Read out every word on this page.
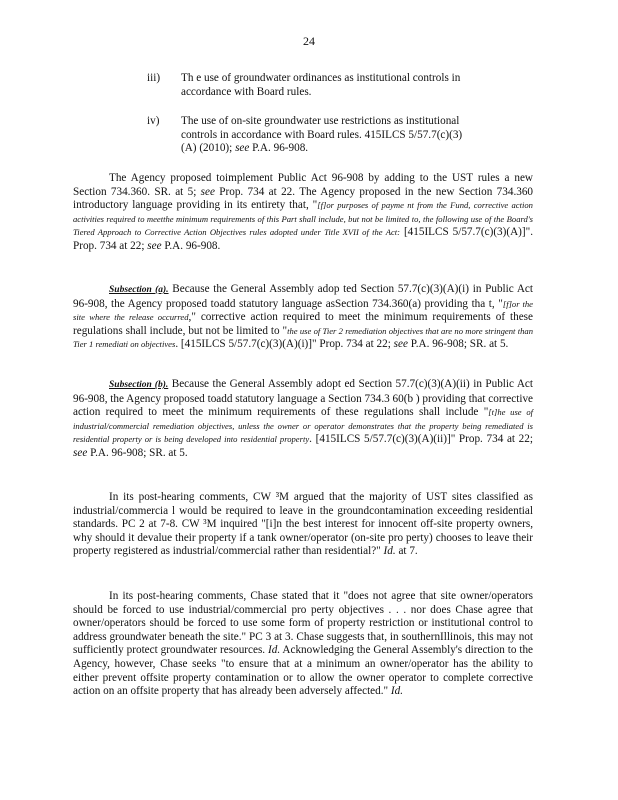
24
iii) Th e use of groundwater ordinances as institutional controls in accordance with Board rules.
iv) The use of on-site groundwater use restrictions as institutional controls in accordance with Board rules. 415ILCS 5/57.7(c)(3)(A) (2010); see P.A. 96-908.
The Agency proposed toimplement Public Act 96-908 by adding to the UST rules a new Section 734.360. SR. at 5; see Prop. 734 at 22. The Agency proposed in the new Section 734.360 introductory language providing in its entirety that, "[f]or purposes of payme nt from the Fund, corrective action activities required to meetthe minimum requirements of this Part shall include, but not be limited to, the following use of the Board's Tiered Approach to Corrective Action Objectives rules adopted under Title XVII of the Act: [415ILCS 5/57.7(c)(3)(A)]". Prop. 734 at 22; see P.A. 96-908.
Subsection (a). Because the General Assembly adop ted Section 57.7(c)(3)(A)(i) in Public Act 96-908, the Agency proposed toadd statutory language asSection 734.360(a) providing tha t, "[f]or the site where the release occurred," corrective action required to meet the minimum requirements of these regulations shall include, but not be limited to "the use of Tier 2 remediation objectives that are no more stringent than Tier 1 remediati on objectives. [415ILCS 5/57.7(c)(3)(A)(i)]" Prop. 734 at 22; see P.A. 96-908; SR. at 5.
Subsection (b). Because the General Assembly adopt ed Section 57.7(c)(3)(A)(ii) in Public Act 96-908, the Agency proposed toadd statutory language a Section 734.3 60(b ) providing that corrective action required to meet the minimum requirements of these regulations shall include "[t]he use of industrial/commercial remediation objectives, unless the owner or operator demonstrates that the property being remediated is residential property or is being developed into residential property. [415ILCS 5/57.7(c)(3)(A)(ii)]" Prop. 734 at 22; see P.A. 96-908; SR. at 5.
In its post-hearing comments, CW ³M argued that the majority of UST sites classified as industrial/commercia l would be required to leave in the groundcontamination exceeding residential standards. PC 2 at 7-8. CW ³M inquired "[i]n the best interest for innocent off-site property owners, why should it devalue their property if a tank owner/operator (on-site pro perty) chooses to leave their property registered as industrial/commercial rather than residential?" Id. at 7.
In its post-hearing comments, Chase stated that it "does not agree that site owner/operators should be forced to use industrial/commercial pro perty objectives . . . nor does Chase agree that owner/operators should be forced to use some form of property restriction or institutional control to address groundwater beneath the site." PC 3 at 3. Chase suggests that, in southernIllinois, this may not sufficiently protect groundwater resources. Id. Acknowledging the General Assembly's direction to the Agency, however, Chase seeks "to ensure that at a minimum an owner/operator has the ability to either prevent offsite property contamination or to allow the owner operator to complete corrective action on an offsite property that has already been adversely affected." Id.
